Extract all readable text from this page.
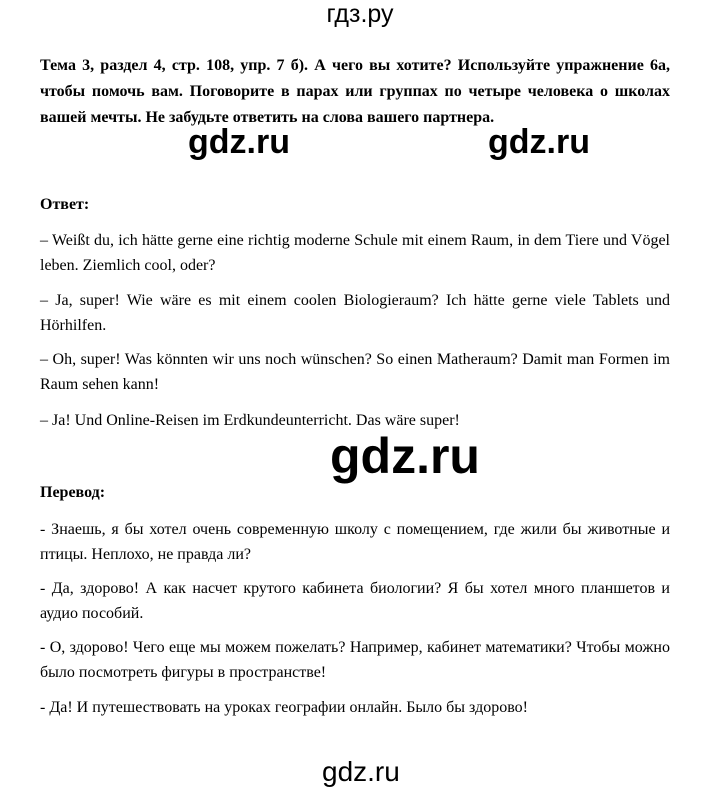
гдз.ру

Тема 3, раздел 4, стр. 108, упр. 7 б). А чего вы хотите? Используйте упражнение 6а, чтобы помочь вам. Поговорите в парах или группах по четыре человека о школах вашей мечты. Не забудьте ответить на слова вашего партнера.

gdz.ru	gdz.ru

Ответ:

– Weißt du, ich hätte gerne eine richtig moderne Schule mit einem Raum, in dem Tiere und Vögel leben. Ziemlich cool, oder?

– Ja, super! Wie wäre es mit einem coolen Biologieraum? Ich hätte gerne viele Tablets und Hörhilfen.

– Oh, super! Was könnten wir uns noch wünschen? So einen Matheraum? Damit man Formen im Raum sehen kann!

– Ja! Und Online-Reisen im Erdkundeunterricht. Das wäre super!

gdz.ru

Перевод:

- Знаешь, я бы хотел очень современную школу с помещением, где жили бы животные и птицы. Неплохо, не правда ли?

- Да, здорово! А как насчет крутого кабинета биологии? Я бы хотел много планшетов и аудио пособий.

- О, здорово! Чего еще мы можем пожелать? Например, кабинет математики? Чтобы можно было посмотреть фигуры в пространстве!

- Да! И путешествовать на уроках географии онлайн. Было бы здорово!

gdz.ru
